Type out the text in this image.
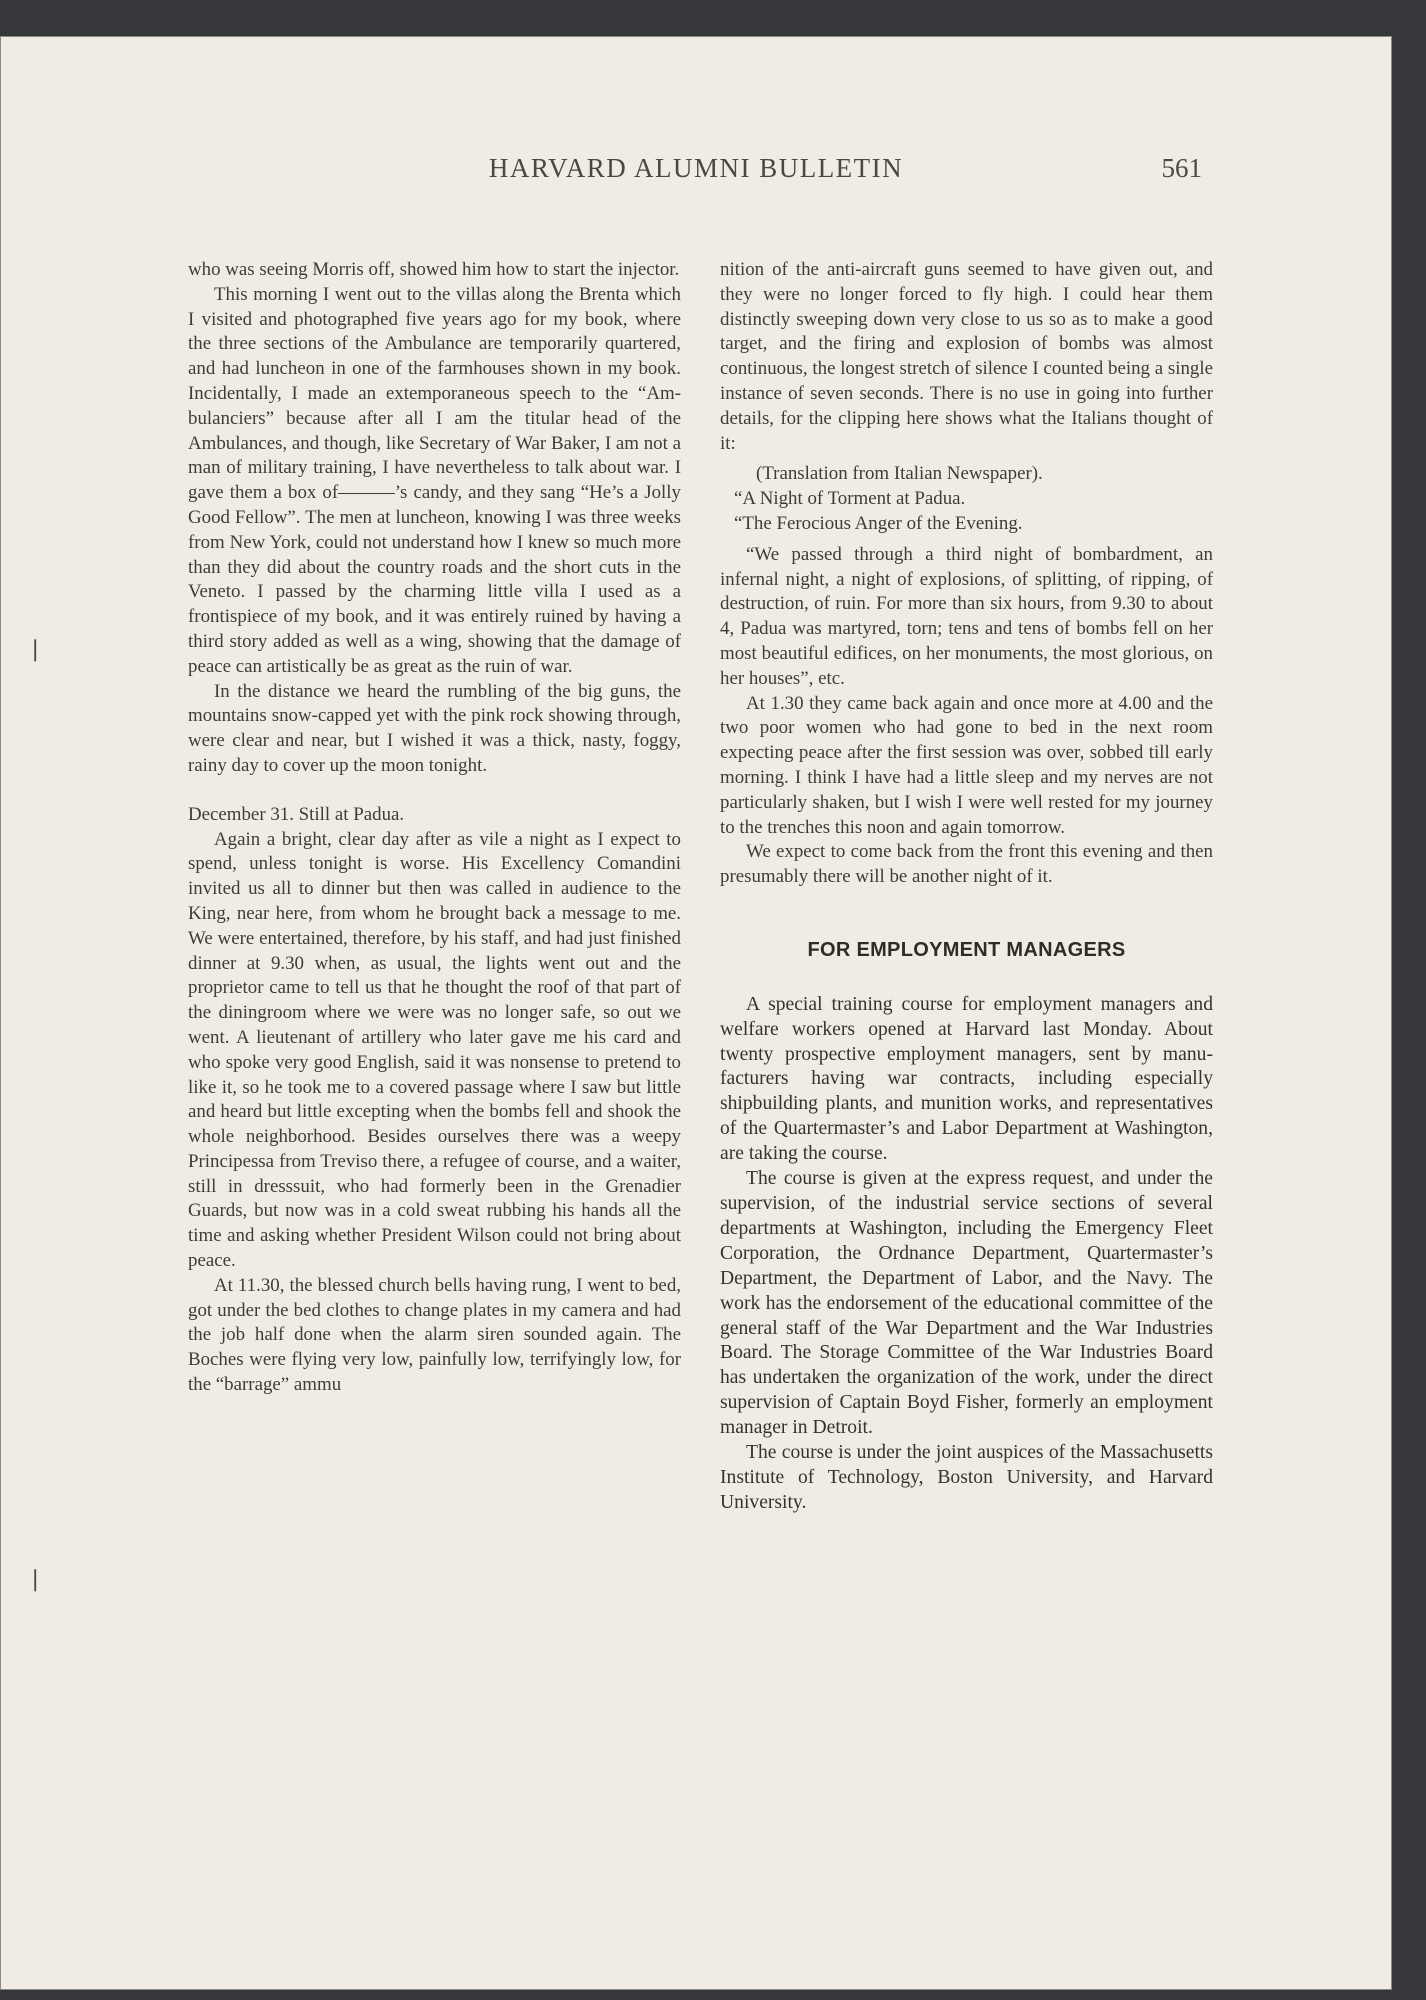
❘
❘
HARVARD ALUMNI BULLETIN	561

who was seeing Morris off, showed him how to start the injector.

This morning I went out to the villas along the Brenta which I visited and photographed five years ago for my book, where the three sections of the Ambulance are temporarily quartered, and had luncheon in one of the farmhouses shown in my book. Incidentally, I made an extemporaneous speech to the “Ambulanciers” because after all I am the titular head of the Ambulances, and though, like Secretary of War Baker, I am not a man of military training, I have nevertheless to talk about war. I gave them a box of———’s candy, and they sang “He’s a Jolly Good Fellow”. The men at luncheon, knowing I was three weeks from New York, could not understand how I knew so much more than they did about the country roads and the short cuts in the Veneto. I passed by the charming little villa I used as a frontispiece of my book, and it was entirely ruined by having a third story added as well as a wing, showing that the damage of peace can artistically be as great as the ruin of war.

In the distance we heard the rumbling of the big guns, the mountains snow-capped yet with the pink rock showing through, were clear and near, but I wished it was a thick, nasty, foggy, rainy day to cover up the moon tonight.

December 31. Still at Padua.

Again a bright, clear day after as vile a night as I expect to spend, unless tonight is worse. His Excellency Comandini invited us all to dinner but then was called in audience to the King, near here, from whom he brought back a message to me. We were entertained, therefore, by his staff, and had just finished dinner at 9.30 when, as usual, the lights went out and the proprietor came to tell us that he thought the roof of that part of the diningroom where we were was no longer safe, so out we went. A lieutenant of artillery who later gave me his card and who spoke very good English, said it was nonsense to pretend to like it, so he took me to a covered passage where I saw but little and heard but little excepting when the bombs fell and shook the whole neighborhood. Besides ourselves there was a weepy Principessa from Treviso there, a refugee of course, and a waiter, still in dresssuit, who had formerly been in the Grenadier Guards, but now was in a cold sweat rubbing his hands all the time and asking whether President Wilson could not bring about peace.

At 11.30, the blessed church bells having rung, I went to bed, got under the bed clothes to change plates in my camera and had the job half done when the alarm siren sounded again. The Boches were flying very low, painfully low, terrifyingly low, for the “barrage” ammu

nition of the anti-aircraft guns seemed to have given out, and they were no longer forced to fly high. I could hear them distinctly sweeping down very close to us so as to make a good target, and the firing and explosion of bombs was almost continuous, the longest stretch of silence I counted being a single instance of seven seconds. There is no use in going into further details, for the clipping here shows what the Italians thought of it:

(Translation from Italian Newspaper).

“A Night of Torment at Padua.

“The Ferocious Anger of the Evening.

“We passed through a third night of bombardment, an infernal night, a night of explosions, of splitting, of ripping, of destruction, of ruin. For more than six hours, from 9.30 to about 4, Padua was martyred, torn; tens and tens of bombs fell on her most beautiful edifices, on her monuments, the most glorious, on her houses”, etc.

At 1.30 they came back again and once more at 4.00 and the two poor women who had gone to bed in the next room expecting peace after the first session was over, sobbed till early morning. I think I have had a little sleep and my nerves are not particularly shaken, but I wish I were well rested for my journey to the trenches this noon and again tomorrow.

We expect to come back from the front this evening and then presumably there will be another night of it.

FOR EMPLOYMENT MANAGERS

A special training course for employment managers and welfare workers opened at Harvard last Monday. About twenty prospective employment managers, sent by manufacturers having war contracts, including especially shipbuilding plants, and munition works, and representatives of the Quartermaster’s and Labor Department at Washington, are taking the course.

The course is given at the express request, and under the supervision, of the industrial service sections of several departments at Washington, including the Emergency Fleet Corporation, the Ordnance Department, Quartermaster’s Department, the Department of Labor, and the Navy. The work has the endorsement of the educational committee of the general staff of the War Department and the War Industries Board. The Storage Committee of the War Industries Board has undertaken the organization of the work, under the direct supervision of Captain Boyd Fisher, formerly an employment manager in Detroit.

The course is under the joint auspices of the Massachusetts Institute of Technology, Boston University, and Harvard University.
